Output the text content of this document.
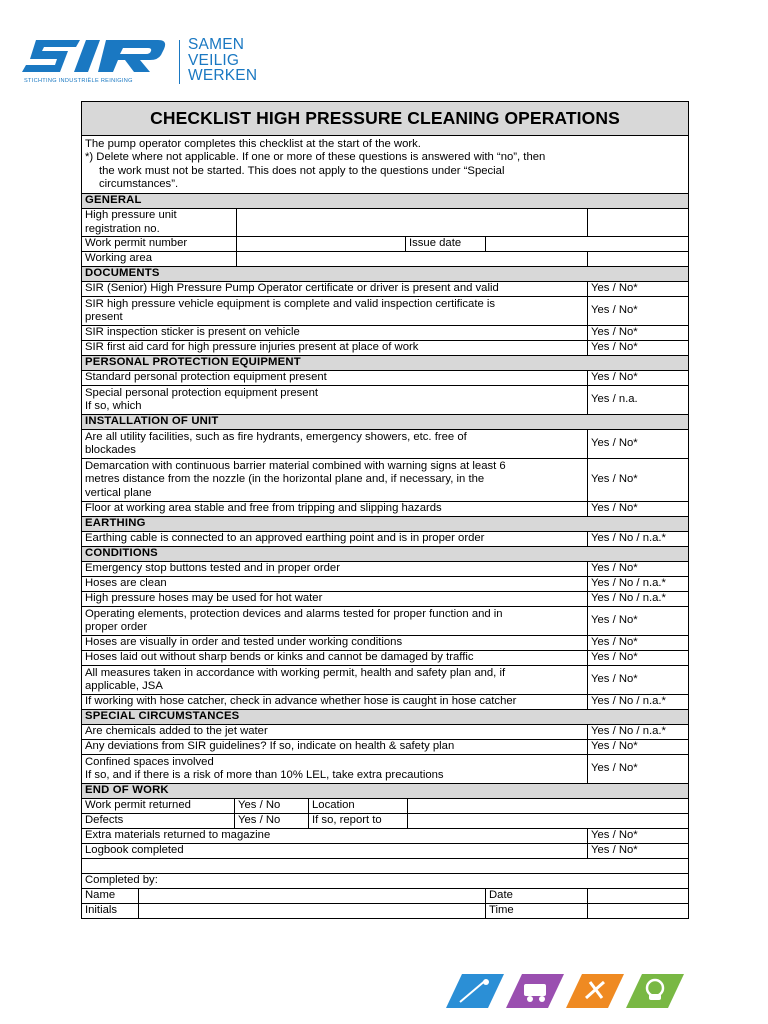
STICHTING INDUSTRIËLE REINIGING
SAMEN
VEILIG
WERKEN
CHECKLIST HIGH PRESSURE CLEANING OPERATIONS								

The pump operator completes this checklist at the start of the work.
*) Delete where not applicable. If one or more of these questions is answered with “no”, then
the work must not be started. This does not apply to the questions under “Special
circumstances”.								

GENERAL								
High pressure unit registration no.								
Work permit number					Issue date			
Working area								
DOCUMENTS								

SIR (Senior) High Pressure Pump Operator certificate or driver is present and valid								Yes / No*

SIR high pressure vehicle equipment is complete and valid inspection certificate is
present								Yes / No*

SIR inspection sticker is present on vehicle								Yes / No*

SIR first aid card for high pressure injuries present at place of work								Yes / No*
PERSONAL PROTECTION EQUIPMENT								

Standard personal protection equipment present								Yes / No*

Special personal protection equipment present
If so, which								Yes / n.a.
INSTALLATION OF UNIT								

Are all utility facilities, such as fire hydrants, emergency showers, etc. free of
blockades								Yes / No*

Demarcation with continuous barrier material combined with warning signs at least 6
metres distance from the nozzle (in the horizontal plane and, if necessary, in the
vertical plane								Yes / No*

Floor at working area stable and free from tripping and slipping hazards								Yes / No*
EARTHING								

Earthing cable is connected to an approved earthing point and is in proper order								Yes / No / n.a.*
CONDITIONS								

Emergency stop buttons tested and in proper order								Yes / No*

Hoses are clean								Yes / No / n.a.*

High pressure hoses may be used for hot water								Yes / No / n.a.*

Operating elements, protection devices and alarms tested for proper function and in
proper order								Yes / No*

Hoses are visually in order and tested under working conditions								Yes / No*

Hoses laid out without sharp bends or kinks and cannot be damaged by traffic								Yes / No*

All measures taken in accordance with working permit, health and safety plan and, if
applicable, JSA								Yes / No*

If working with hose catcher, check in advance whether hose is caught in hose catcher								Yes / No / n.a.*
SPECIAL CIRCUMSTANCES								

Are chemicals added to the jet water								Yes / No / n.a.*

Any deviations from SIR guidelines? If so, indicate on health & safety plan								Yes / No*

Confined spaces involved
If so, and if there is a risk of more than 10% LEL, take extra precautions								Yes / No*
END OF WORK								
Work permit returned		Yes / No		Location				
Defects		Yes / No		If so, report to				

Extra materials returned to magazine								Yes / No*

Logbook completed								Yes / No*

Completed by:								
Name							Date	
Initials							Time	
